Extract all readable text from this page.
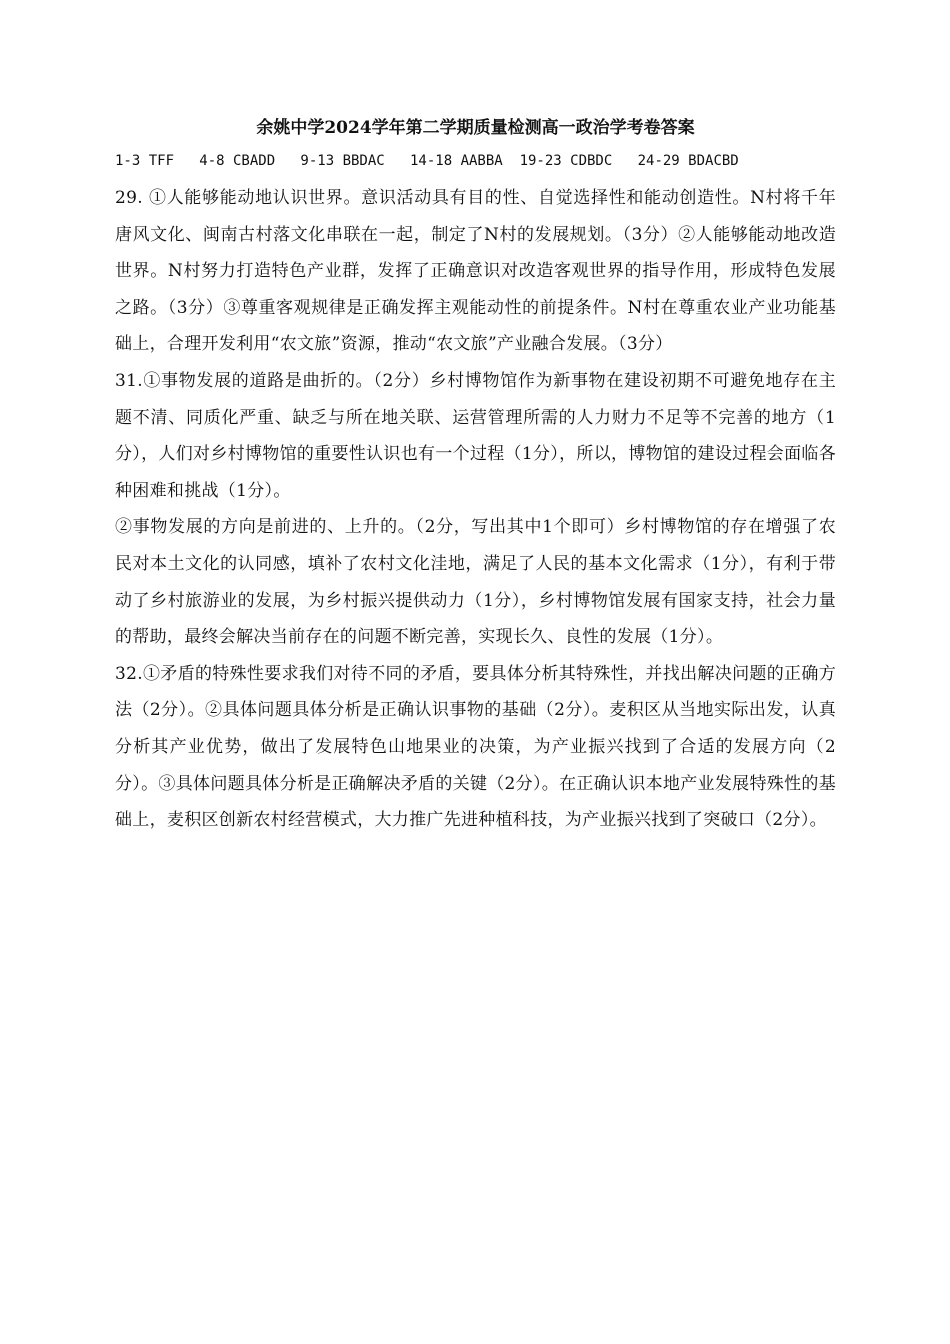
余姚中学2024学年第二学期质量检测高一政治学考卷答案

1-3 TFF   4-8 CBADD   9-13 BBDAC   14-18 AABBA  19-23 CDBDC   24-29 BDACBD

29. ①人能够能动地认识世界。意识活动具有目的性、自觉选择性和能动创造性。N村将千年唐风文化、闽南古村落文化串联在一起，制定了N村的发展规划。（3分）②人能够能动地改造世界。N村努力打造特色产业群，发挥了正确意识对改造客观世界的指导作用，形成特色发展之路。（3分）③尊重客观规律是正确发挥主观能动性的前提条件。N村在尊重农业产业功能基础上，合理开发利用“农文旅”资源，推动“农文旅”产业融合发展。（3分）

31.①事物发展的道路是曲折的。（2分）乡村博物馆作为新事物在建设初期不可避免地存在主题不清、同质化严重、缺乏与所在地关联、运营管理所需的人力财力不足等不完善的地方（1分），人们对乡村博物馆的重要性认识也有一个过程（1分），所以，博物馆的建设过程会面临各种困难和挑战（1分）。

②事物发展的方向是前进的、上升的。（2分，写出其中1个即可）乡村博物馆的存在增强了农民对本土文化的认同感，填补了农村文化洼地，满足了人民的基本文化需求（1分），有利于带动了乡村旅游业的发展，为乡村振兴提供动力（1分），乡村博物馆发展有国家支持，社会力量的帮助，最终会解决当前存在的问题不断完善，实现长久、良性的发展（1分）。

32.①矛盾的特殊性要求我们对待不同的矛盾，要具体分析其特殊性，并找出解决问题的正确方法（2分）。②具体问题具体分析是正确认识事物的基础（2分）。麦积区从当地实际出发，认真分析其产业优势，做出了发展特色山地果业的决策，为产业振兴找到了合适的发展方向（2分）。③具体问题具体分析是正确解决矛盾的关键（2分）。在正确认识本地产业发展特殊性的基础上，麦积区创新农村经营模式，大力推广先进种植科技，为产业振兴找到了突破口（2分）。
